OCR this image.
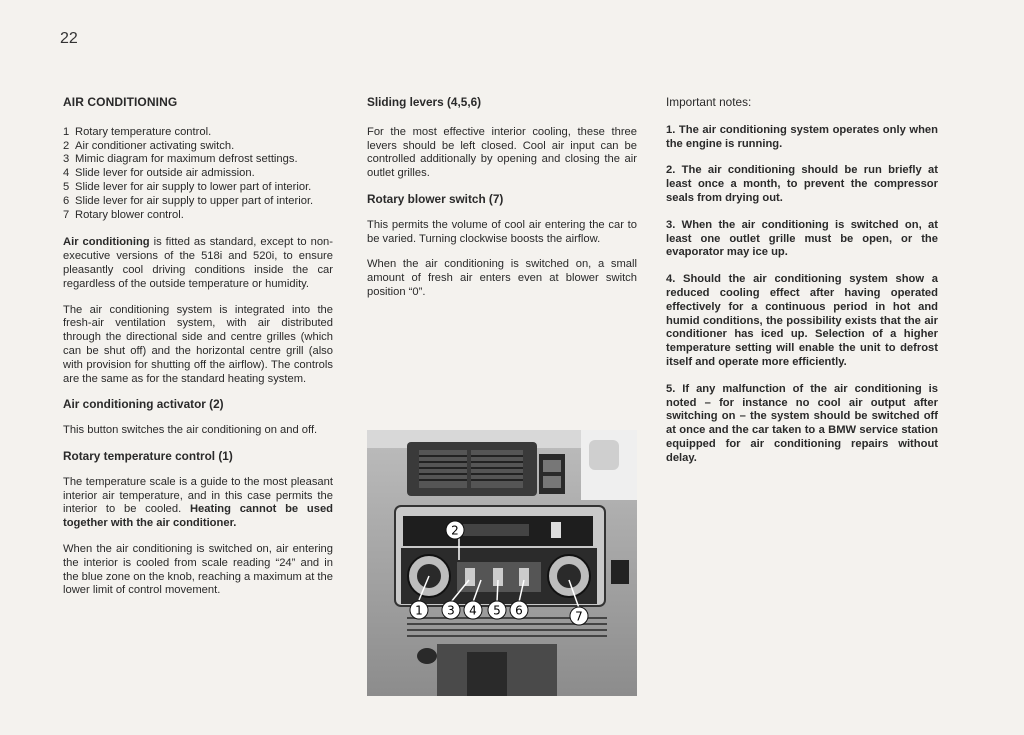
22
AIR CONDITIONING
1 Rotary temperature control.
2 Air conditioner activating switch.
3 Mimic diagram for maximum defrost settings.
4 Slide lever for outside air admission.
5 Slide lever for air supply to lower part of interior.
6 Slide lever for air supply to upper part of interior.
7 Rotary blower control.

Air conditioning is fitted as standard, except to non-executive versions of the 518i and 520i, to ensure pleasantly cool driving conditions inside the car regardless of the outside temperature or humidity.

The air conditioning system is integrated into the fresh-air ventilation system, with air distributed through the directional side and centre grilles (which can be shut off) and the horizontal centre grill (also with provision for shutting off the airflow). The controls are the same as for the standard heating system.

Air conditioning activator (2)

This button switches the air conditioning on and off.

Rotary temperature control (1)

The temperature scale is a guide to the most pleasant interior air temperature, and in this case permits the interior to be cooled. Heating cannot be used together with the air conditioner.

When the air conditioning is switched on, air entering the interior is cooled from scale reading “24” and in the blue zone on the knob, reaching a maximum at the lower limit of control movement.

Sliding levers (4,5,6)

For the most effective interior cooling, these three levers should be left closed. Cool air input can be controlled additionally by opening and closing the air outlet grilles.

Rotary blower switch (7)

This permits the volume of cool air entering the car to be varied. Turning clockwise boosts the airflow.

When the air conditioning is switched on, a small amount of fresh air enters even at blower switch position “0”.

Important notes:

1. The air conditioning system operates only when the engine is running.

2. The air conditioning should be run briefly at least once a month, to prevent the compressor seals from drying out.

3. When the air conditioning is switched on, at least one outlet grille must be open, or the evaporator may ice up.

4. Should the air conditioning system show a reduced cooling effect after having operated effectively for a continuous period in hot and humid conditions, the possibility exists that the air conditioner has iced up. Selection of a higher temperature setting will enable the unit to defrost itself and operate more efficiently.

5. If any malfunction of the air conditioning is noted – for instance no cool air output after switching on – the system should be switched off at once and the car taken to a BMW service station equipped for air conditioning repairs without delay.

1
2
3 4 5 6	7
